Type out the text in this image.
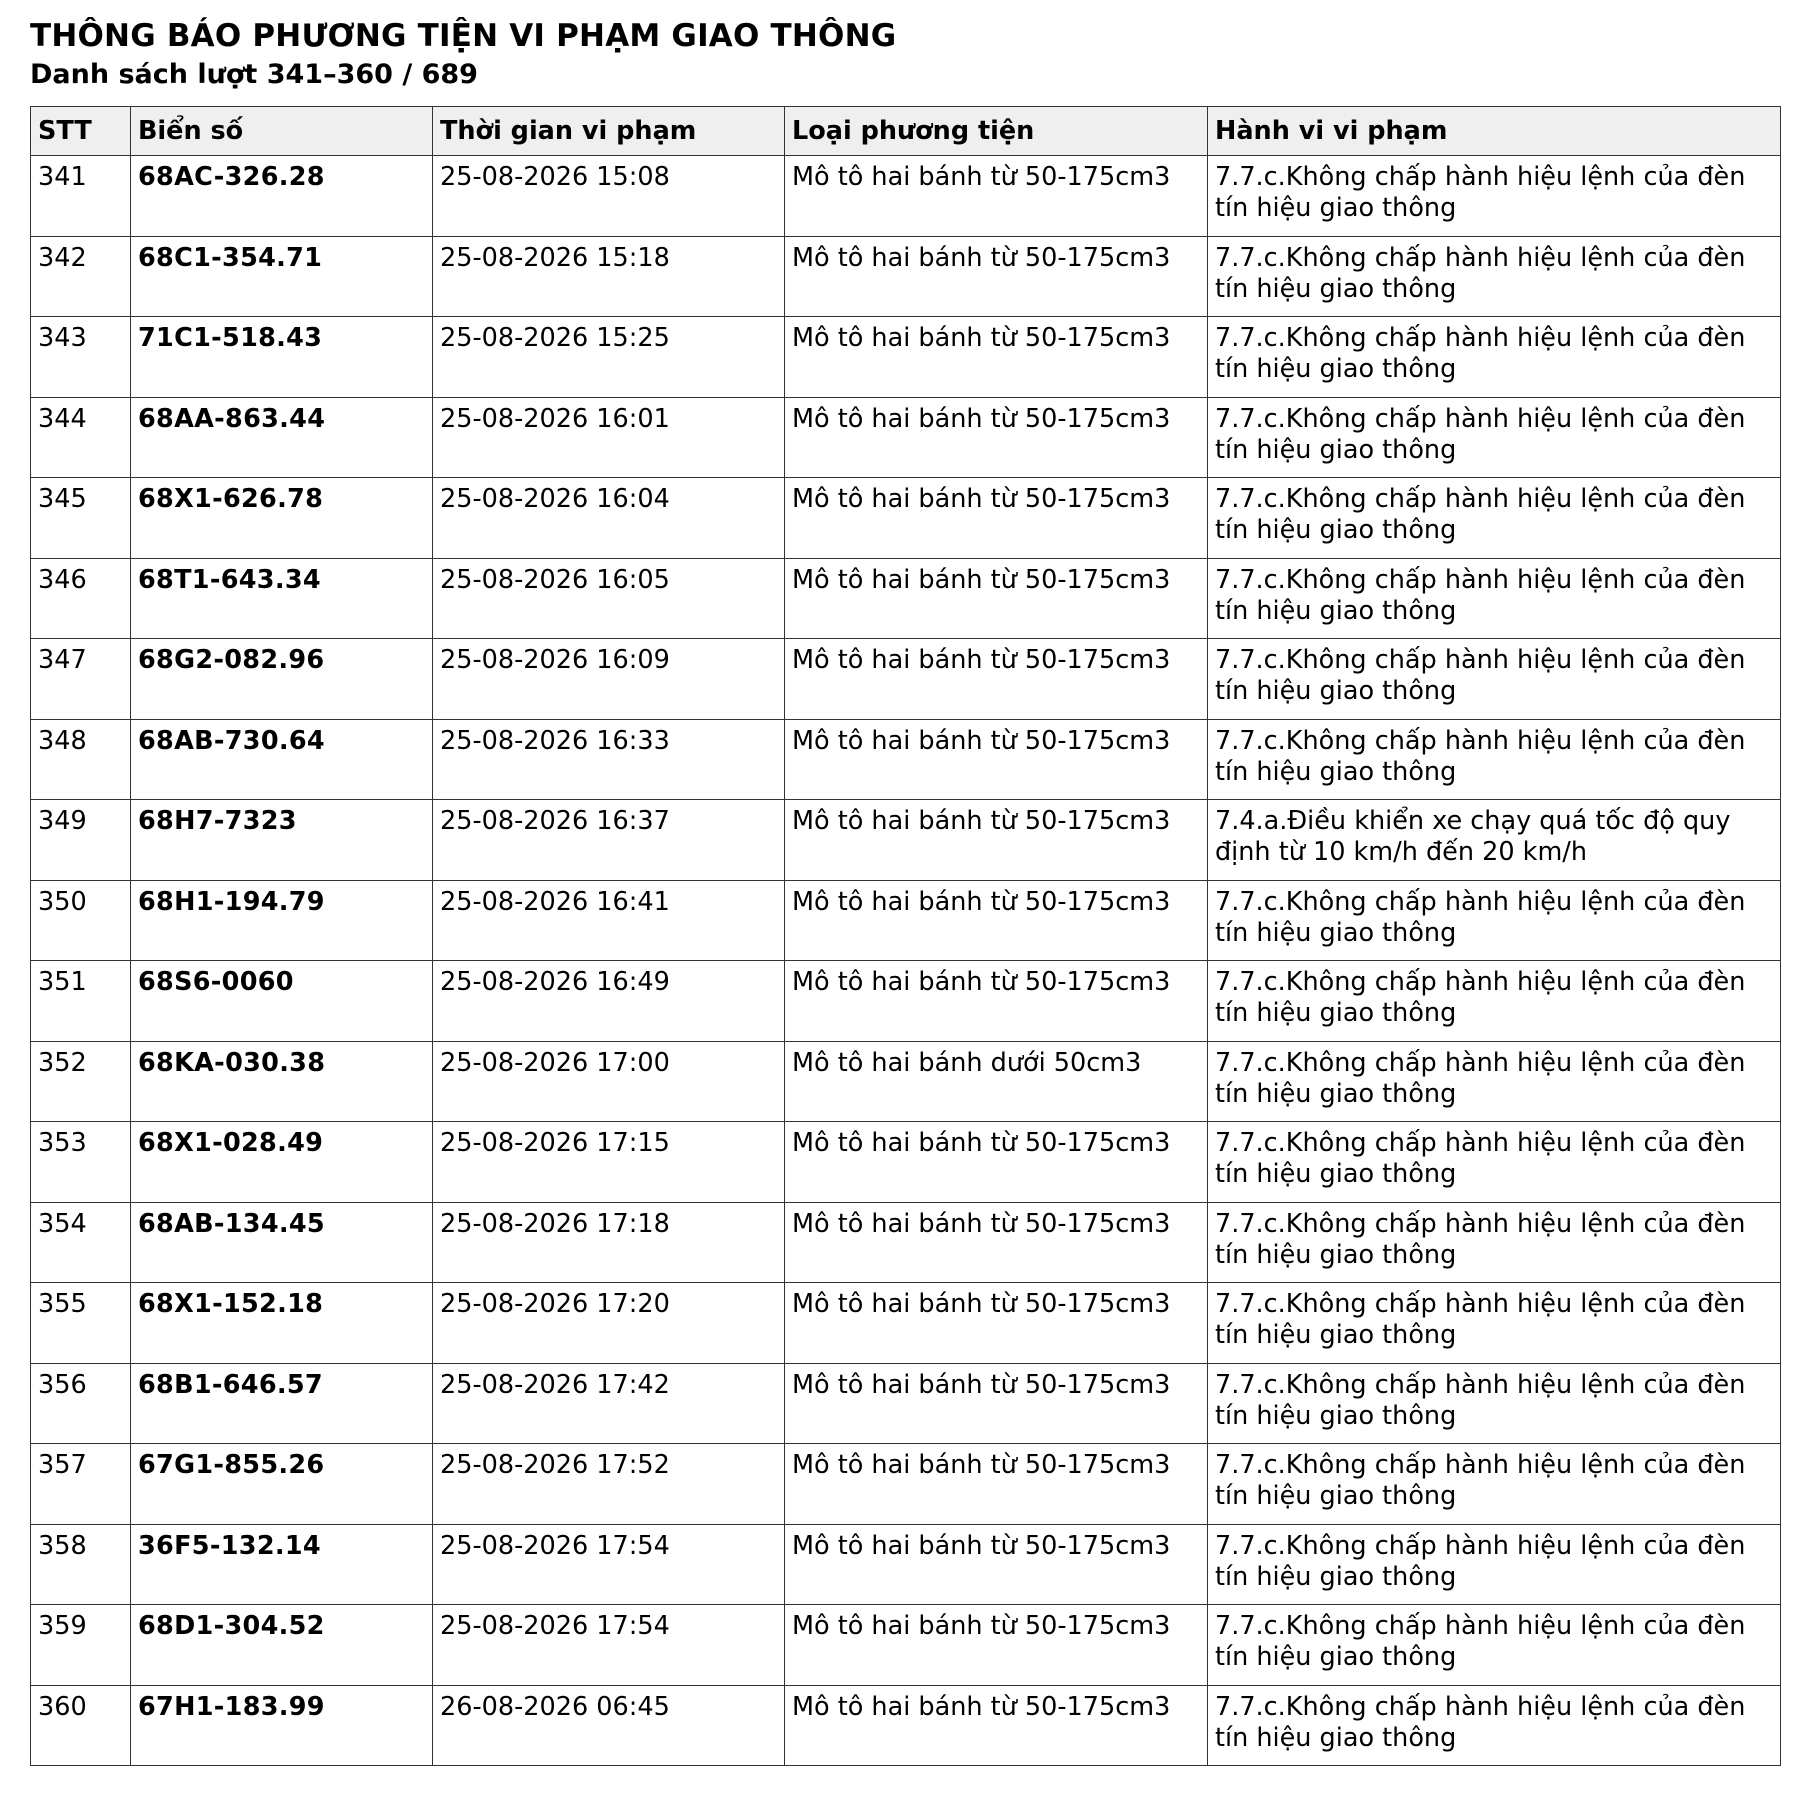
THÔNG BÁO PHƯƠNG TIỆN VI PHẠM GIAO THÔNG
Danh sách lượt 341–360 / 689
STT	Biển số	Thời gian vi phạm	Loại phương tiện	Hành vi vi phạm
341	68AC-326.28	25-08-2026 15:08	Mô tô hai bánh từ 50-175cm3	7.7.c.Không chấp hành hiệu lệnh của đèn tín hiệu giao thông
342	68C1-354.71	25-08-2026 15:18	Mô tô hai bánh từ 50-175cm3	7.7.c.Không chấp hành hiệu lệnh của đèn tín hiệu giao thông
343	71C1-518.43	25-08-2026 15:25	Mô tô hai bánh từ 50-175cm3	7.7.c.Không chấp hành hiệu lệnh của đèn tín hiệu giao thông
344	68AA-863.44	25-08-2026 16:01	Mô tô hai bánh từ 50-175cm3	7.7.c.Không chấp hành hiệu lệnh của đèn tín hiệu giao thông
345	68X1-626.78	25-08-2026 16:04	Mô tô hai bánh từ 50-175cm3	7.7.c.Không chấp hành hiệu lệnh của đèn tín hiệu giao thông
346	68T1-643.34	25-08-2026 16:05	Mô tô hai bánh từ 50-175cm3	7.7.c.Không chấp hành hiệu lệnh của đèn tín hiệu giao thông
347	68G2-082.96	25-08-2026 16:09	Mô tô hai bánh từ 50-175cm3	7.7.c.Không chấp hành hiệu lệnh của đèn tín hiệu giao thông
348	68AB-730.64	25-08-2026 16:33	Mô tô hai bánh từ 50-175cm3	7.7.c.Không chấp hành hiệu lệnh của đèn tín hiệu giao thông
349	68H7-7323	25-08-2026 16:37	Mô tô hai bánh từ 50-175cm3	7.4.a.Điều khiển xe chạy quá tốc độ quy định từ 10 km/h đến 20 km/h
350	68H1-194.79	25-08-2026 16:41	Mô tô hai bánh từ 50-175cm3	7.7.c.Không chấp hành hiệu lệnh của đèn tín hiệu giao thông
351	68S6-0060	25-08-2026 16:49	Mô tô hai bánh từ 50-175cm3	7.7.c.Không chấp hành hiệu lệnh của đèn tín hiệu giao thông
352	68KA-030.38	25-08-2026 17:00	Mô tô hai bánh dưới 50cm3	7.7.c.Không chấp hành hiệu lệnh của đèn tín hiệu giao thông
353	68X1-028.49	25-08-2026 17:15	Mô tô hai bánh từ 50-175cm3	7.7.c.Không chấp hành hiệu lệnh của đèn tín hiệu giao thông
354	68AB-134.45	25-08-2026 17:18	Mô tô hai bánh từ 50-175cm3	7.7.c.Không chấp hành hiệu lệnh của đèn tín hiệu giao thông
355	68X1-152.18	25-08-2026 17:20	Mô tô hai bánh từ 50-175cm3	7.7.c.Không chấp hành hiệu lệnh của đèn tín hiệu giao thông
356	68B1-646.57	25-08-2026 17:42	Mô tô hai bánh từ 50-175cm3	7.7.c.Không chấp hành hiệu lệnh của đèn tín hiệu giao thông
357	67G1-855.26	25-08-2026 17:52	Mô tô hai bánh từ 50-175cm3	7.7.c.Không chấp hành hiệu lệnh của đèn tín hiệu giao thông
358	36F5-132.14	25-08-2026 17:54	Mô tô hai bánh từ 50-175cm3	7.7.c.Không chấp hành hiệu lệnh của đèn tín hiệu giao thông
359	68D1-304.52	25-08-2026 17:54	Mô tô hai bánh từ 50-175cm3	7.7.c.Không chấp hành hiệu lệnh của đèn tín hiệu giao thông
360	67H1-183.99	26-08-2026 06:45	Mô tô hai bánh từ 50-175cm3	7.7.c.Không chấp hành hiệu lệnh của đèn tín hiệu giao thông
